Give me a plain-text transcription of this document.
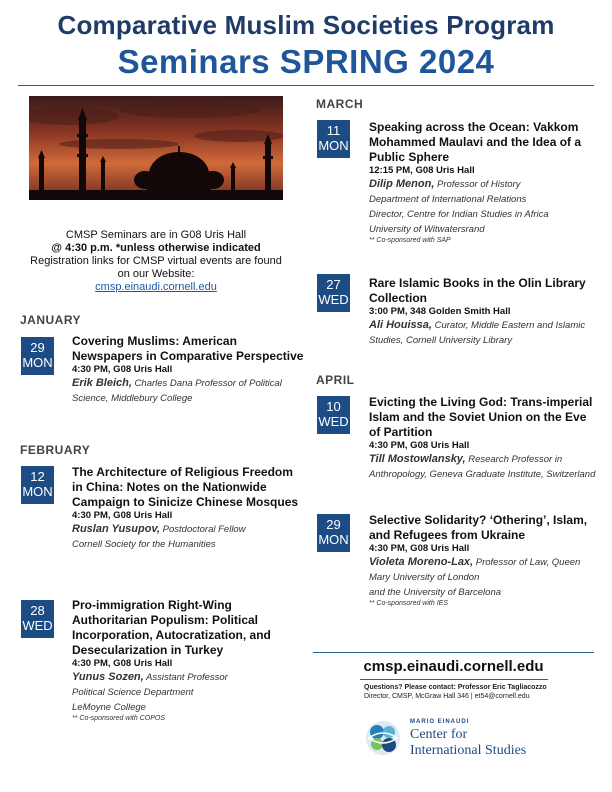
Comparative Muslim Societies Program
Seminars SPRING 2024
CMSP Seminars are in G08 Uris Hall
@ 4:30 p.m. *unless otherwise indicated
Registration links for CMSP virtual events are found
on our Website:
cmsp.einaudi.cornell.edu
JANUARY
FEBRUARY
MARCH
APRIL
29
MON
Covering Muslims: American
Newspapers in Comparative Perspective
4:30 PM, G08 Uris Hall
Erik Bleich, Charles Dana Professor of Political
Science, Middlebury College
12
MON
The Architecture of Religious Freedom
in China: Notes on the Nationwide
Campaign to Sinicize Chinese Mosques
4:30 PM, G08 Uris Hall
Ruslan Yusupov, Postdoctoral Fellow
Cornell Society for the Humanities
28
WED
Pro-immigration Right-Wing
Authoritarian Populism: Political
Incorporation, Autocratization, and
Desecularization in Turkey
4:30 PM, G08 Uris Hall
Yunus Sozen, Assistant Professor
Political Science Department
LeMoyne College
** Co-sponsored with COPOS
11
MON
Speaking across the Ocean: Vakkom
Mohammed Maulavi and the Idea of a
Public Sphere
12:15 PM, G08 Uris Hall
Dilip Menon, Professor of History
Department of International Relations
Director, Centre for Indian Studies in Africa
University of Witwatersrand
** Co-sponsored with SAP
27
WED
Rare Islamic Books in the Olin Library
Collection
3:00 PM, 348 Golden Smith Hall
Ali Houissa, Curator, Middle Eastern and Islamic
Studies, Cornell University Library
10
WED
Evicting the Living God: Trans-imperial
Islam and the Soviet Union on the Eve
of Partition
4:30 PM, G08 Uris Hall
Till Mostowlansky, Research Professor in
Anthropology, Geneva Graduate Institute, Switzerland
29
MON
Selective Solidarity? ‘Othering’, Islam,
and Refugees from Ukraine
4:30 PM, G08 Uris Hall
Violeta Moreno-Lax, Professor of Law, Queen
Mary University of London
and the University of Barcelona
** Co-sponsored with IES
cmsp.einaudi.cornell.edu
Questions? Please contact: Professor Eric Tagliacozzo
Director, CMSP, McGraw Hall 346 | et54@cornell.edu
MARIO EINAUDI
Center for
International Studies
